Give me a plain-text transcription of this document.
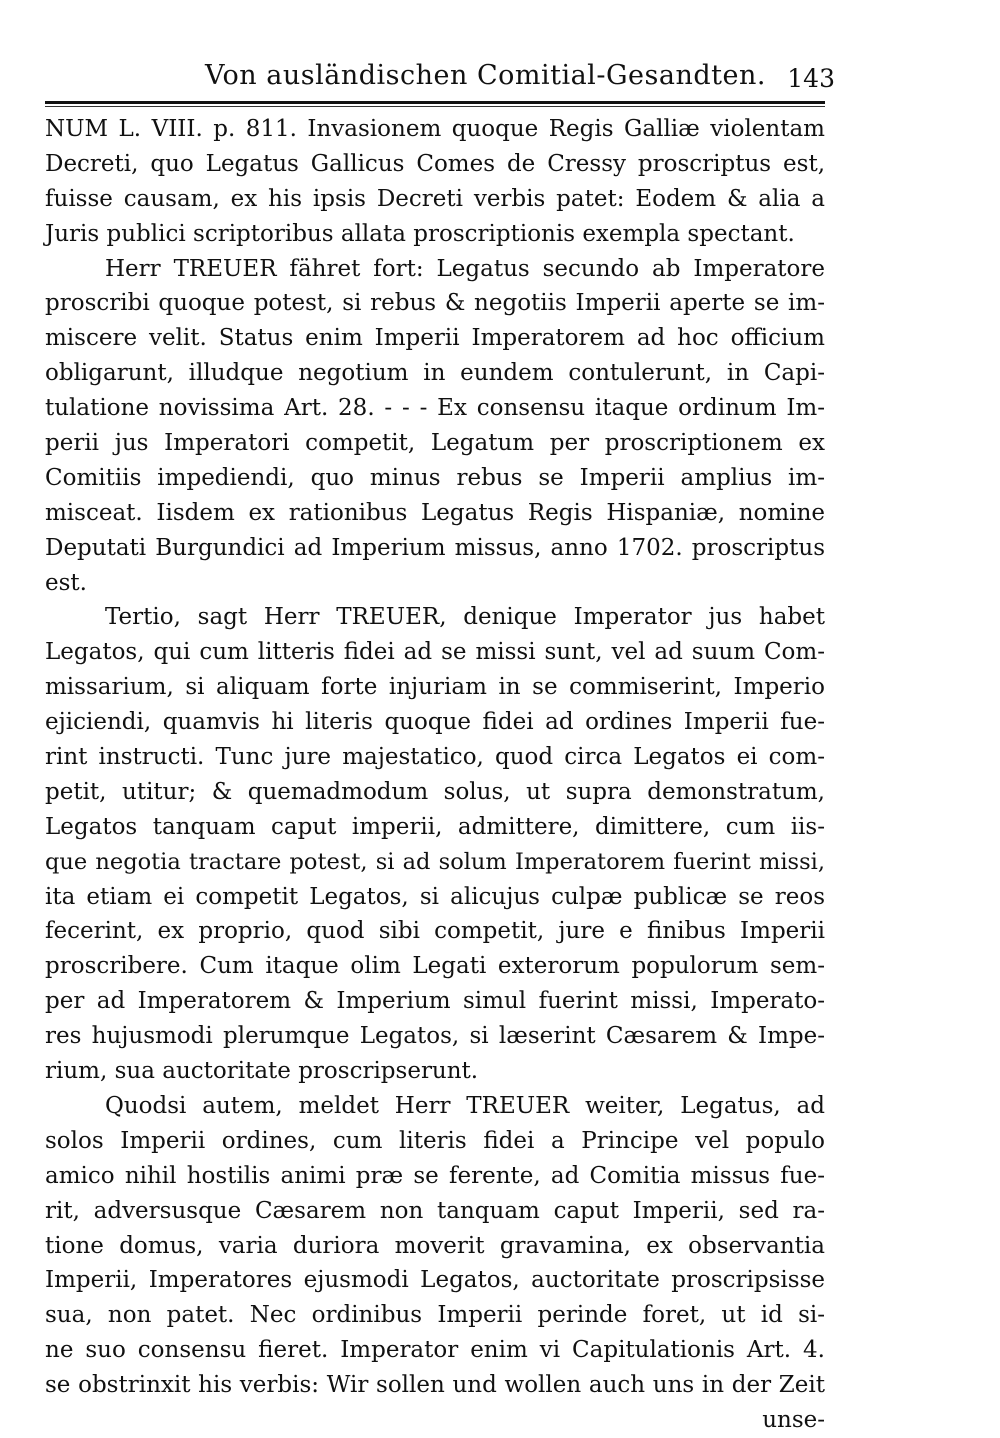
Von ausländischen Comitial-Gesandten. 143
NUM L. VIII. p. 811. Invasionem quoque Regis Galliæ violentam
Decreti, quo Legatus Gallicus Comes de Cressy proscriptus est,
fuisse causam, ex his ipsis Decreti verbis patet: Eodem & alia a
Juris publici scriptoribus allata proscriptionis exempla spectant.
Herr TREUER fähret fort: Legatus secundo ab Imperatore
proscribi quoque potest, si rebus & negotiis Imperii aperte se im-
miscere velit. Status enim Imperii Imperatorem ad hoc officium
obligarunt, illudque negotium in eundem contulerunt, in Capi-
tulatione novissima Art. 28. - - - Ex consensu itaque ordinum Im-
perii jus Imperatori competit, Legatum per proscriptionem ex
Comitiis impediendi, quo minus rebus se Imperii amplius im-
misceat. Iisdem ex rationibus Legatus Regis Hispaniæ, nomine
Deputati Burgundici ad Imperium missus, anno 1702. proscriptus
est.
Tertio, sagt Herr TREUER, denique Imperator jus habet
Legatos, qui cum litteris fidei ad se missi sunt, vel ad suum Com-
missarium, si aliquam forte injuriam in se commiserint, Imperio
ejiciendi, quamvis hi literis quoque fidei ad ordines Imperii fue-
rint instructi. Tunc jure majestatico, quod circa Legatos ei com-
petit, utitur; & quemadmodum solus, ut supra demonstratum,
Legatos tanquam caput imperii, admittere, dimittere, cum iis-
que negotia tractare potest, si ad solum Imperatorem fuerint missi,
ita etiam ei competit Legatos, si alicujus culpæ publicæ se reos
fecerint, ex proprio, quod sibi competit, jure e finibus Imperii
proscribere. Cum itaque olim Legati exterorum populorum sem-
per ad Imperatorem & Imperium simul fuerint missi, Imperato-
res hujusmodi plerumque Legatos, si læserint Cæsarem & Impe-
rium, sua auctoritate proscripserunt.
Quodsi autem, meldet Herr TREUER weiter, Legatus, ad
solos Imperii ordines, cum literis fidei a Principe vel populo
amico nihil hostilis animi præ se ferente, ad Comitia missus fue-
rit, adversusque Cæsarem non tanquam caput Imperii, sed ra-
tione domus, varia duriora moverit gravamina, ex observantia
Imperii, Imperatores ejusmodi Legatos, auctoritate proscripsisse
sua, non patet. Nec ordinibus Imperii perinde foret, ut id si-
ne suo consensu fieret. Imperator enim vi Capitulationis Art. 4.
se obstrinxit his verbis: Wir sollen und wollen auch uns in der Zeit
unse-
